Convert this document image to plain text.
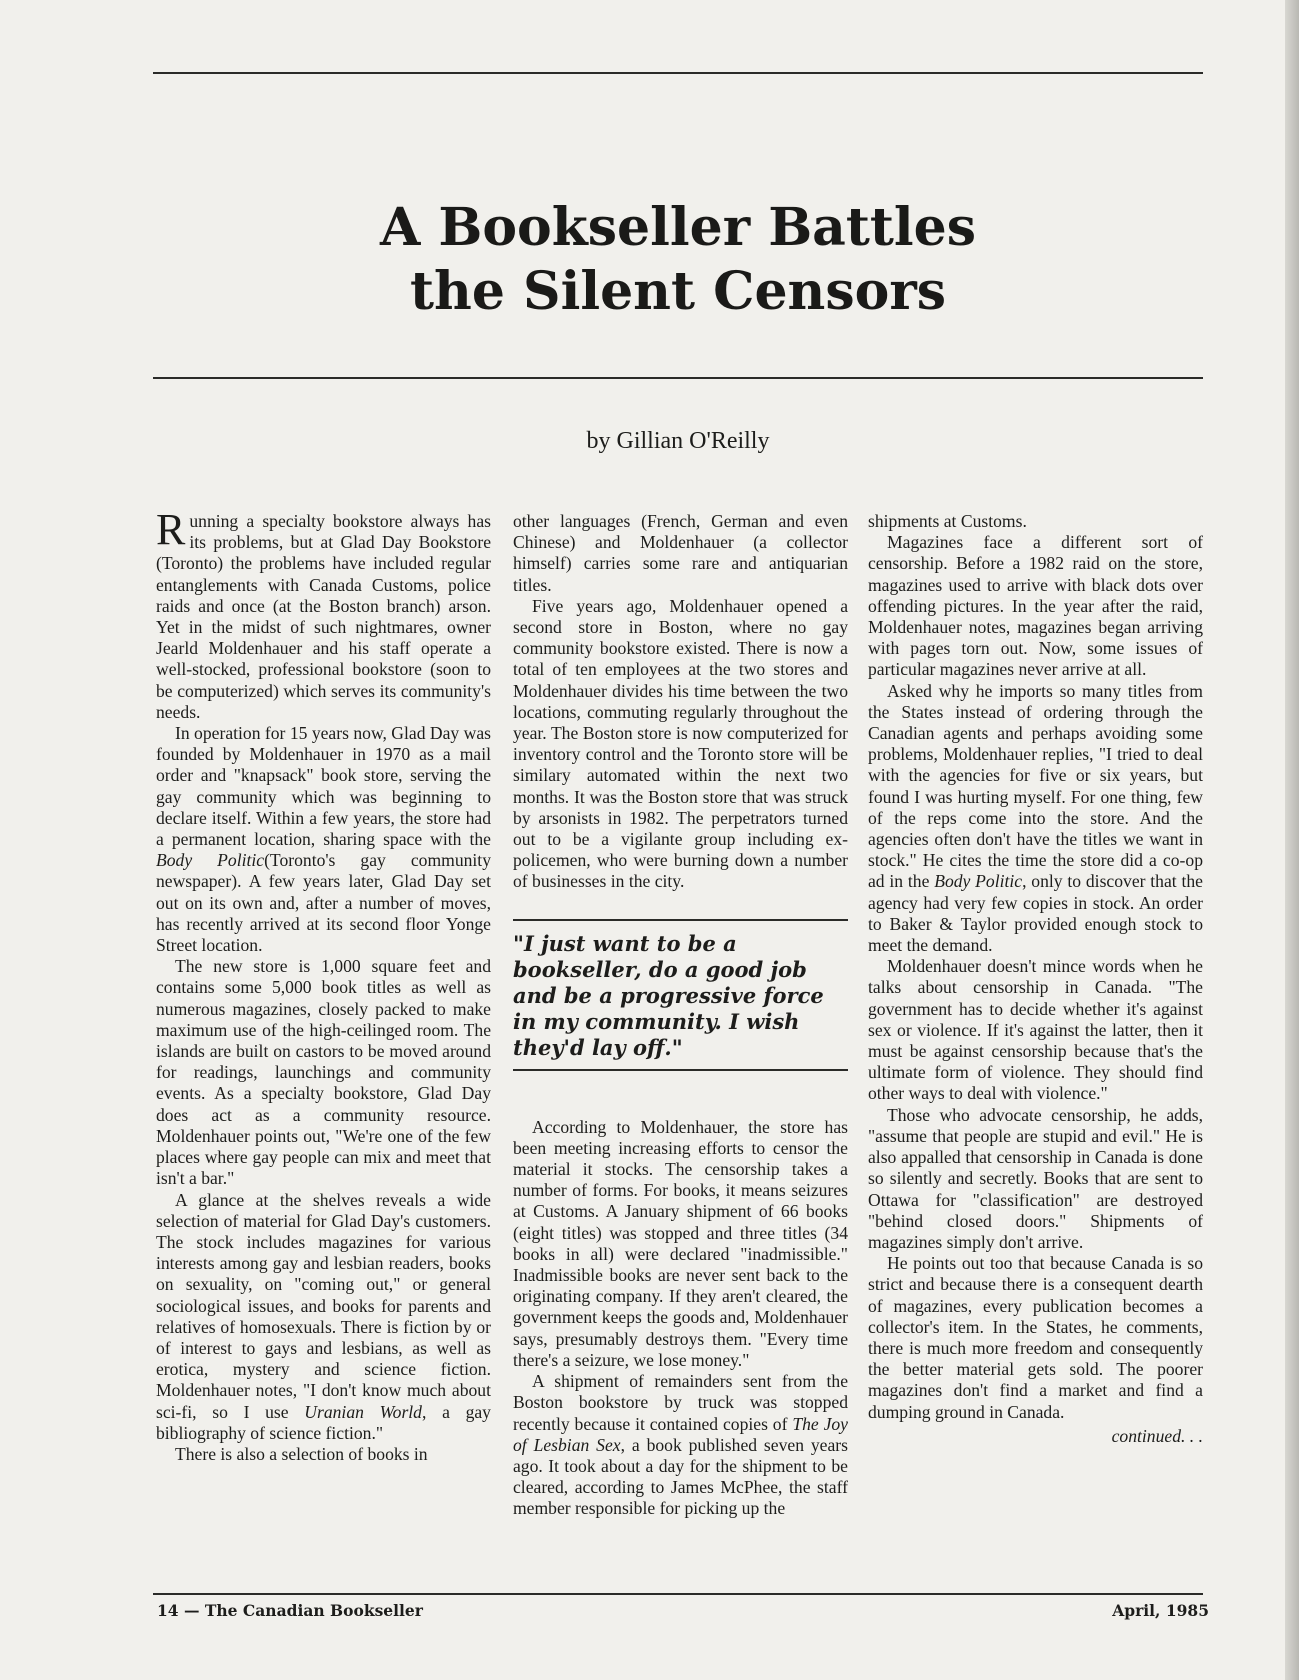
A Bookseller Battles
the Silent Censors
by Gillian O'Reilly

Running a specialty bookstore always has its problems, but at Glad Day Bookstore (Toronto) the problems have included regular entanglements with Canada Customs, police raids and once (at the Boston branch) arson. Yet in the midst of such nightmares, owner Jearld Moldenhauer and his staff operate a well-stocked, professional bookstore (soon to be computerized) which serves its community's needs.

In operation for 15 years now, Glad Day was founded by Moldenhauer in 1970 as a mail order and "knapsack" book store, serving the gay community which was beginning to declare itself. Within a few years, the store had a permanent location, sharing space with the Body Politic(Toronto's gay community newspaper). A few years later, Glad Day set out on its own and, after a number of moves, has recently arrived at its second floor Yonge Street location.

The new store is 1,000 square feet and contains some 5,000 book titles as well as numerous magazines, closely packed to make maximum use of the high-ceilinged room. The islands are built on castors to be moved around for readings, launchings and community events. As a specialty bookstore, Glad Day does act as a community resource. Moldenhauer points out, "We're one of the few places where gay people can mix and meet that isn't a bar."

A glance at the shelves reveals a wide selection of material for Glad Day's customers. The stock includes magazines for various interests among gay and lesbian readers, books on sexuality, on "coming out," or general sociological issues, and books for parents and relatives of homosexuals. There is fiction by or of interest to gays and lesbians, as well as erotica, mystery and science fiction. Moldenhauer notes, "I don't know much about sci-fi, so I use Uranian World, a gay bibliography of science fiction."

There is also a selection of books in

other languages (French, German and even Chinese) and Moldenhauer (a collector himself) carries some rare and antiquarian titles.

Five years ago, Moldenhauer opened a second store in Boston, where no gay community bookstore existed. There is now a total of ten employees at the two stores and Moldenhauer divides his time between the two locations, commuting regularly throughout the year. The Boston store is now computerized for inventory control and the Toronto store will be similary automated within the next two months. It was the Boston store that was struck by arsonists in 1982. The perpetrators turned out to be a vigilante group including ex-policemen, who were burning down a number of businesses in the city.

"I just want to be a bookseller, do a good job and be a progressive force in my community. I wish they'd lay off."

According to Moldenhauer, the store has been meeting increasing efforts to censor the material it stocks. The censorship takes a number of forms. For books, it means seizures at Customs. A January shipment of 66 books (eight titles) was stopped and three titles (34 books in all) were declared "inadmissible." Inadmissible books are never sent back to the originating company. If they aren't cleared, the government keeps the goods and, Moldenhauer says, presumably destroys them. "Every time there's a seizure, we lose money."

A shipment of remainders sent from the Boston bookstore by truck was stopped recently because it contained copies of The Joy of Lesbian Sex, a book published seven years ago. It took about a day for the shipment to be cleared, according to James McPhee, the staff member responsible for picking up the

shipments at Customs.

Magazines face a different sort of censorship. Before a 1982 raid on the store, magazines used to arrive with black dots over offending pictures. In the year after the raid, Moldenhauer notes, magazines began arriving with pages torn out. Now, some issues of particular magazines never arrive at all.

Asked why he imports so many titles from the States instead of ordering through the Canadian agents and perhaps avoiding some problems, Moldenhauer replies, "I tried to deal with the agencies for five or six years, but found I was hurting myself. For one thing, few of the reps come into the store. And the agencies often don't have the titles we want in stock." He cites the time the store did a co-op ad in the Body Politic, only to discover that the agency had very few copies in stock. An order to Baker & Taylor provided enough stock to meet the demand.

Moldenhauer doesn't mince words when he talks about censorship in Canada. "The government has to decide whether it's against sex or violence. If it's against the latter, then it must be against censorship because that's the ultimate form of violence. They should find other ways to deal with violence."

Those who advocate censorship, he adds, "assume that people are stupid and evil." He is also appalled that censorship in Canada is done so silently and secretly. Books that are sent to Ottawa for "classification" are destroyed "behind closed doors." Shipments of magazines simply don't arrive.

He points out too that because Canada is so strict and because there is a consequent dearth of magazines, every publication becomes a collector's item. In the States, he comments, there is much more freedom and consequently the better material gets sold. The poorer magazines don't find a market and find a dumping ground in Canada.

continued. . .
14 — The Canadian Bookseller	April, 1985
